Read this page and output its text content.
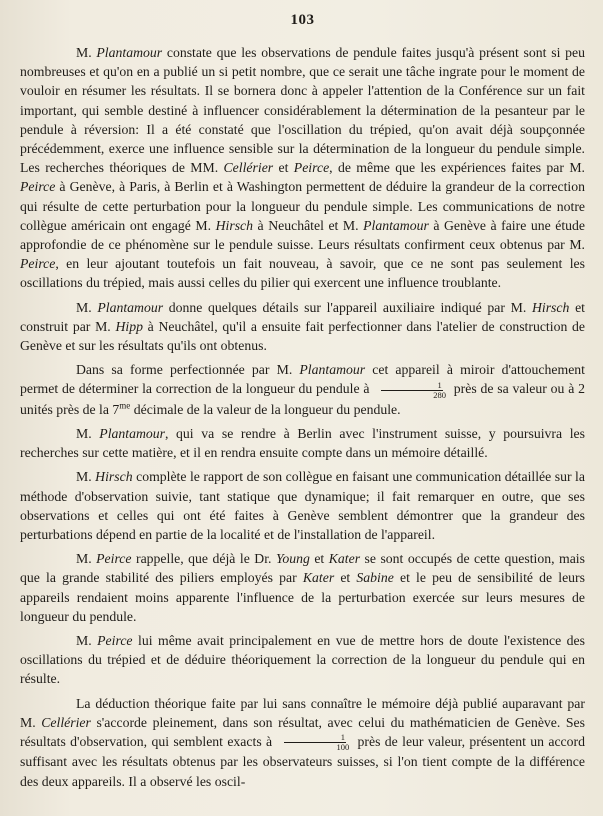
103

M. Plantamour constate que les observations de pendule faites jusqu'à présent sont si peu nombreuses et qu'on en a publié un si petit nombre, que ce serait une tâche ingrate pour le moment de vouloir en résumer les résultats. Il se bornera donc à appeler l'attention de la Conférence sur un fait important, qui semble destiné à influencer considérablement la détermination de la pesanteur par le pendule à réversion: Il a été constaté que l'oscillation du trépied, qu'on avait déjà soupçonnée précédemment, exerce une influence sensible sur la détermination de la longueur du pendule simple. Les recherches théoriques de MM. Cellérier et Peirce, de même que les expériences faites par M. Peirce à Genève, à Paris, à Berlin et à Washington permettent de déduire la grandeur de la correction qui résulte de cette perturbation pour la longueur du pendule simple. Les communications de notre collègue américain ont engagé M. Hirsch à Neuchâtel et M. Plantamour à Genève à faire une étude approfondie de ce phénomène sur le pendule suisse. Leurs résultats confirment ceux obtenus par M. Peirce, en leur ajoutant toutefois un fait nouveau, à savoir, que ce ne sont pas seulement les oscillations du trépied, mais aussi celles du pilier qui exercent une influence troublante.

M. Plantamour donne quelques détails sur l'appareil auxiliaire indiqué par M. Hirsch et construit par M. Hipp à Neuchâtel, qu'il a ensuite fait perfectionner dans l'atelier de construction de Genève et sur les résultats qu'ils ont obtenus.

Dans sa forme perfectionnée par M. Plantamour cet appareil à miroir d'attouchement permet de déterminer la correction de la longueur du pendule à $\frac{1}{280}$ près de sa valeur ou à 2 unités près de la $7^{me}$ décimale de la valeur de la longueur du pendule.

M. Plantamour, qui va se rendre à Berlin avec l'instrument suisse, y poursuivra les recherches sur cette matière, et il en rendra ensuite compte dans un mémoire détaillé.

M. Hirsch complète le rapport de son collègue en faisant une communication détaillée sur la méthode d'observation suivie, tant statique que dynamique; il fait remarquer en outre, que ses observations et celles qui ont été faites à Genève semblent démontrer que la grandeur des perturbations dépend en partie de la localité et de l'installation de l'appareil.

M. Peirce rappelle, que déjà le Dr. Young et Kater se sont occupés de cette question, mais que la grande stabilité des piliers employés par Kater et Sabine et le peu de sensibilité de leurs appareils rendaient moins apparente l'influence de la perturbation exercée sur leurs mesures de longueur du pendule.

M. Peirce lui même avait principalement en vue de mettre hors de doute l'existence des oscillations du trépied et de déduire théoriquement la correction de la longueur du pendule qui en résulte.

La déduction théorique faite par lui sans connaître le mémoire déjà publié auparavant par M. Cellérier s'accorde pleinement, dans son résultat, avec celui du mathématicien de Genève. Ses résultats d'observation, qui semblent exacts à $\frac{1}{100}$ près de leur valeur, présentent un accord suffisant avec les résultats obtenus par les observateurs suisses, si l'on tient compte de la différence des deux appareils. Il a observé les oscil-
